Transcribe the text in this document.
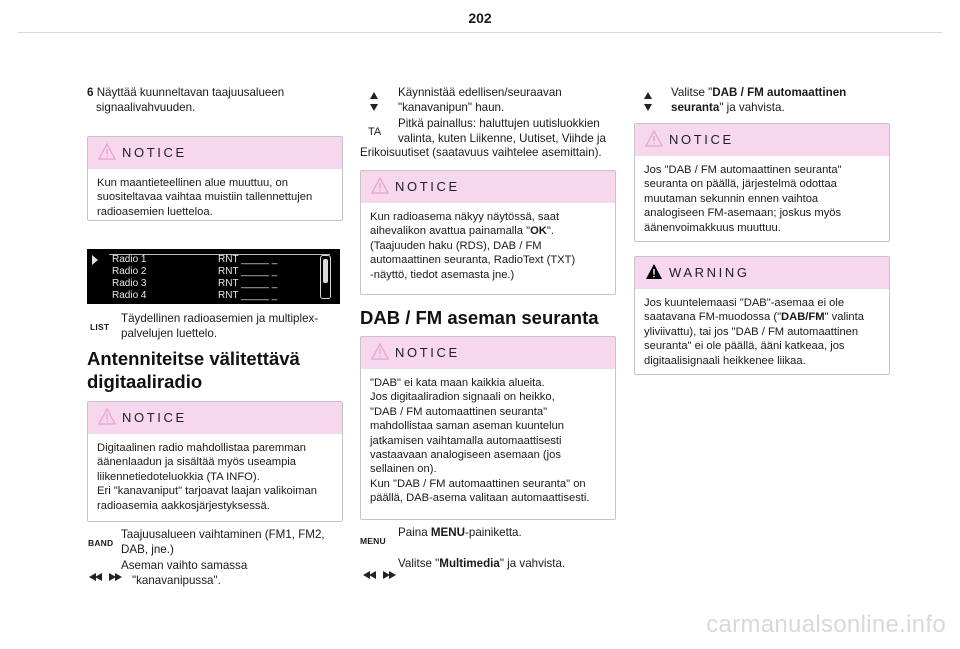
202
6 Näyttää kuunneltavan taajuusalueen
signaalivahvuuden.
NOTICE
Kun maantieteellinen alue muuttuu, on
suositeltavaa vaihtaa muistiin tallennettujen
radioasemien luetteloa.
Radio 1
Radio 2
Radio 3
Radio 4
RNT _____ _
RNT _____ _
RNT _____ _
RNT _____ _
LIST
Täydellinen radioasemien ja multiplex-
palvelujen luettelo.
Antenniteitse välitettävä
digitaaliradio
NOTICE
Digitaalinen radio mahdollistaa paremman
äänenlaadun ja sisältää myös useampia
liikennetiedoteluokkia (TA INFO).
Eri "kanavaniput" tarjoavat laajan valikoiman
radioasemia aakkosjärjestyksessä.
BAND
Taajuusalueen vaihtaminen (FM1, FM2,
DAB, jne.)
Aseman vaihto samassa
"kanavanipussa".
Käynnistää edellisen/seuraavan
"kanavanipun" haun.
TA
Pitkä painallus: haluttujen uutisluokkien
valinta, kuten Liikenne, Uutiset, Viihde ja
Erikoisuutiset (saatavuus vaihtelee asemittain).
NOTICE
Kun radioasema näkyy näytössä, saat
aihevalikon avattua painamalla "OK".
(Taajuuden haku (RDS), DAB / FM
automaattinen seuranta, RadioText (TXT)
-näyttö, tiedot asemasta jne.)
DAB / FM aseman seuranta
NOTICE
"DAB" ei kata maan kaikkia alueita.
Jos digitaaliradion signaali on heikko,
"DAB / FM automaattinen seuranta"
mahdollistaa saman aseman kuuntelun
jatkamisen vaihtamalla automaattisesti
vastaavaan analogiseen asemaan (jos
sellainen on).
Kun "DAB / FM automaattinen seuranta" on
päällä, DAB-asema valitaan automaattisesti.
MENU
Paina MENU-painiketta.
Valitse "Multimedia" ja vahvista.
Valitse "DAB / FM automaattinen
seuranta" ja vahvista.
NOTICE
Jos "DAB / FM automaattinen seuranta"
seuranta on päällä, järjestelmä odottaa
muutaman sekunnin ennen vaihtoa
analogiseen FM-asemaan; joskus myös
äänenvoimakkuus muuttuu.
WARNING
Jos kuuntelemaasi "DAB"-asemaa ei ole
saatavana FM-muodossa ("DAB/FM" valinta
yliviivattu), tai jos "DAB / FM automaattinen
seuranta" ei ole päällä, ääni katkeaa, jos
digitaalisignaali heikkenee liikaa.
carmanualsonline.info
